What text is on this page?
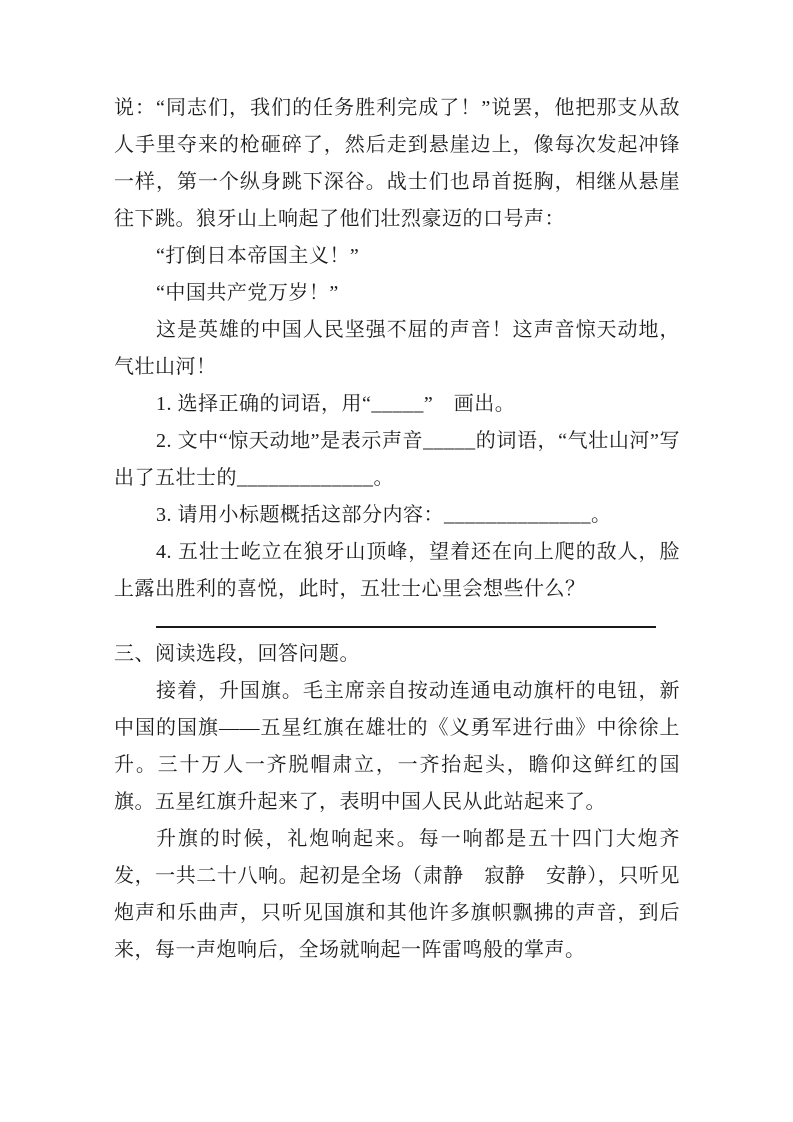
说：“同志们，我们的任务胜利完成了！”说罢，他把那支从敌人手里夺来的枪砸碎了，然后走到悬崖边上，像每次发起冲锋一样，第一个纵身跳下深谷。战士们也昂首挺胸，相继从悬崖往下跳。狼牙山上响起了他们壮烈豪迈的口号声：

“打倒日本帝国主义！”

“中国共产党万岁！”

这是英雄的中国人民坚强不屈的声音！这声音惊天动地，气壮山河！

1. 选择正确的词语，用“_____”　画出。

2. 文中“惊天动地”是表示声音_____的词语，“气壮山河”写出了五壮士的_____________。

3. 请用小标题概括这部分内容：______________。

4. 五壮士屹立在狼牙山顶峰，望着还在向上爬的敌人，脸上露出胜利的喜悦，此时，五壮士心里会想些什么？

三、阅读选段，回答问题。

接着，升国旗。毛主席亲自按动连通电动旗杆的电钮，新中国的国旗——五星红旗在雄壮的《义勇军进行曲》中徐徐上升。三十万人一齐脱帽肃立，一齐抬起头，瞻仰这鲜红的国旗。五星红旗升起来了，表明中国人民从此站起来了。

升旗的时候，礼炮响起来。每一响都是五十四门大炮齐发，一共二十八响。起初是全场（肃静　寂静　安静），只听见炮声和乐曲声，只听见国旗和其他许多旗帜飘拂的声音，到后来，每一声炮响后，全场就响起一阵雷鸣般的掌声。
